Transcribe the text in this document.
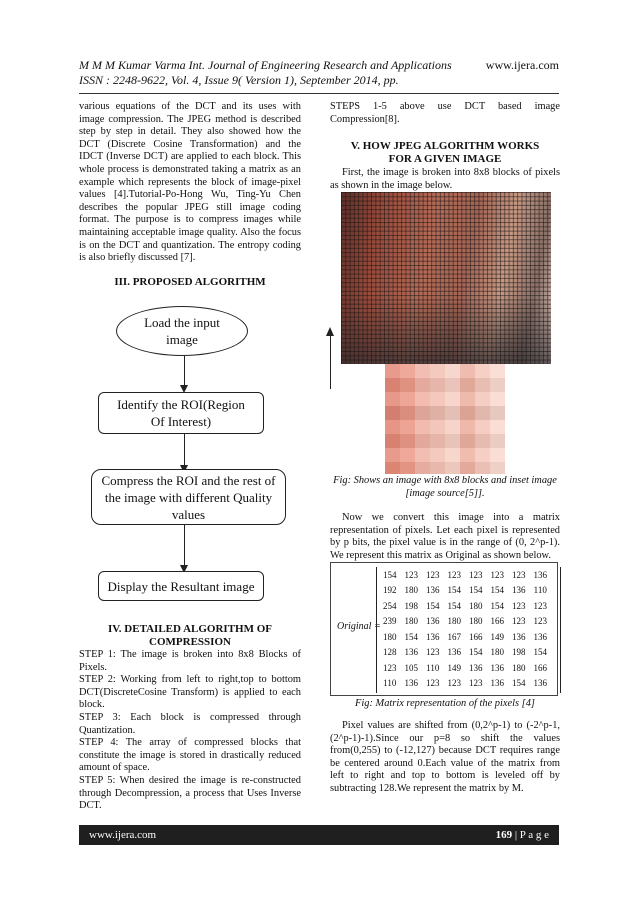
M M M Kumar Varma Int. Journal of Engineering Research and Applications
ISSN : 2248-9622, Vol. 4, Issue 9( Version 1), September 2014, pp.
www.ijera.com

various equations of the DCT and its uses with image compression. The JPEG method is described step by step in detail. They also showed how the DCT (Discrete Cosine Transformation) and the IDCT (Inverse DCT) are applied to each block. This whole process is demonstrated taking a matrix as an example which represents the block of image-pixel values [4].Tutorial-Po-Hong Wu, Ting-Yu Chen describes the popular JPEG still image coding format. The purpose is to compress images while maintaining acceptable image quality. Also the focus is on the DCT and quantization. The entropy coding is also briefly discussed [7].

III. PROPOSED ALGORITHM
Load the input image
Identify the ROI(Region Of Interest)
Compress the ROI and the rest of the image with different Quality values
Display the Resultant image
IV. DETAILED ALGORITHM OF
COMPRESSION

STEP 1: The image is broken into 8x8 Blocks of Pixels.

STEP 2: Working from left to right,top to bottom DCT(DiscreteCosine Transform) is applied to each block.

STEP 3: Each block is compressed through Quantization.

STEP 4: The array of compressed blocks that constitute the image is stored in drastically reduced amount of space.

STEP 5: When desired the image is re-constructed through Decompression, a process that Uses Inverse DCT.

STEPS 1-5 above use DCT based image Compression[8].

V. HOW JPEG ALGORITHM WORKS
FOR A GIVEN IMAGE
First, the image is broken into 8x8 blocks of pixels as shown in the image below.
Fig: Shows an image with 8x8 blocks and inset image [image source[5]].
Now we convert this image into a matrix representation of pixels. Let each pixel is represented by p bits, the pixel value is in the range of (0, 2^p-1). We represent this matrix as Original as shown below.
Original =
154	123	123	123	123	123	123	136
192	180	136	154	154	154	136	110
254	198	154	154	180	154	123	123
239	180	136	180	180	166	123	123
180	154	136	167	166	149	136	136
128	136	123	136	154	180	198	154
123	105	110	149	136	136	180	166
110	136	123	123	123	136	154	136
Fig: Matrix representation of the pixels [4]
Pixel values are shifted from (0,2^p-1) to (-2^p-1,(2^p-1)-1).Since our p=8 so shift the values from(0,255) to (-12,127) because DCT requires range be centered around 0.Each value of the matrix from left to right and top to bottom is leveled off by subtracting 128.We represent the matrix by M.
www.ijera.com	169 | P a g e
